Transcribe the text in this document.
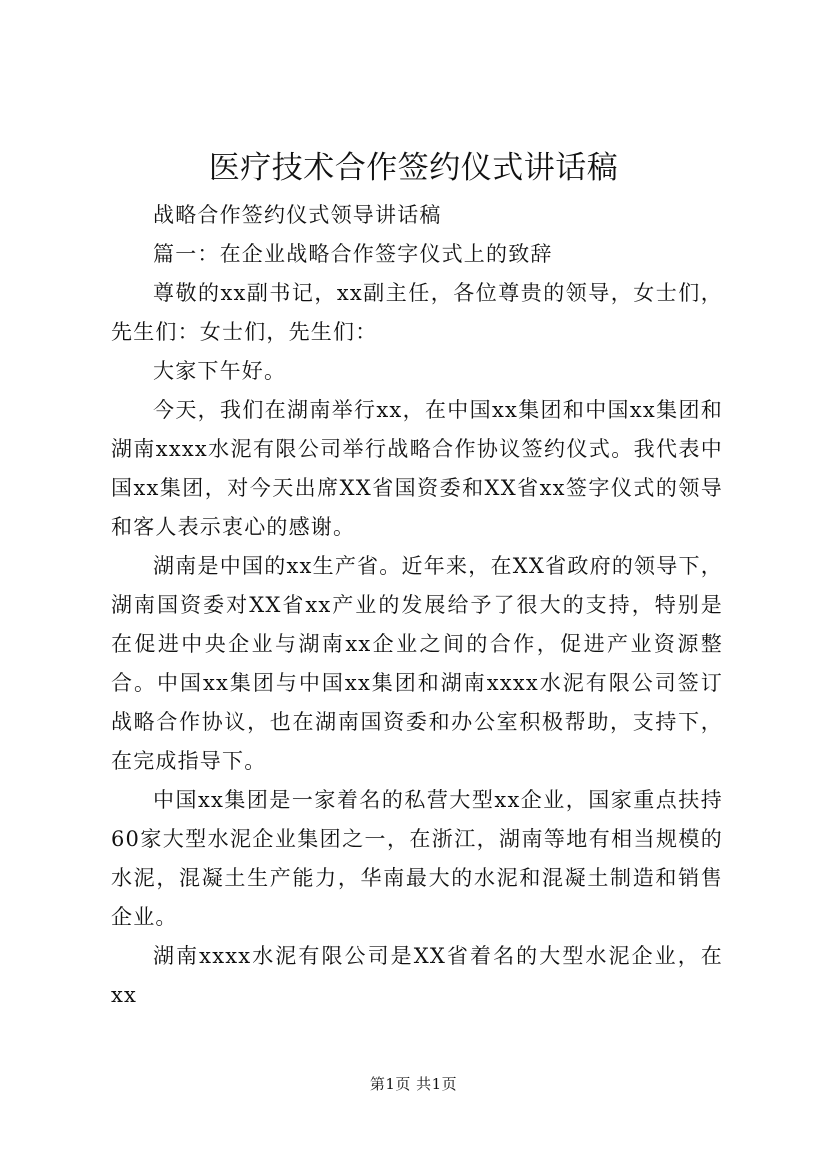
医疗技术合作签约仪式讲话稿

战略合作签约仪式领导讲话稿

篇一：在企业战略合作签字仪式上的致辞

尊敬的xx副书记，xx副主任，各位尊贵的领导，女士们，先生们：女士们，先生们：

大家下午好。

今天，我们在湖南举行xx，在中国xx集团和中国xx集团和湖南xxxx水泥有限公司举行战略合作协议签约仪式。我代表中国xx集团，对今天出席XX省国资委和XX省xx签字仪式的领导和客人表示衷心的感谢。

湖南是中国的xx生产省。近年来，在XX省政府的领导下，湖南国资委对XX省xx产业的发展给予了很大的支持，特别是在促进中央企业与湖南xx企业之间的合作，促进产业资源整合。中国xx集团与中国xx集团和湖南xxxx水泥有限公司签订战略合作协议，也在湖南国资委和办公室积极帮助，支持下，在完成指导下。

中国xx集团是一家着名的私营大型xx企业，国家重点扶持60家大型水泥企业集团之一，在浙江，湖南等地有相当规模的水泥，混凝土生产能力，华南最大的水泥和混凝土制造和销售企业。

湖南xxxx水泥有限公司是XX省着名的大型水泥企业，在xx

第1页 共1页
